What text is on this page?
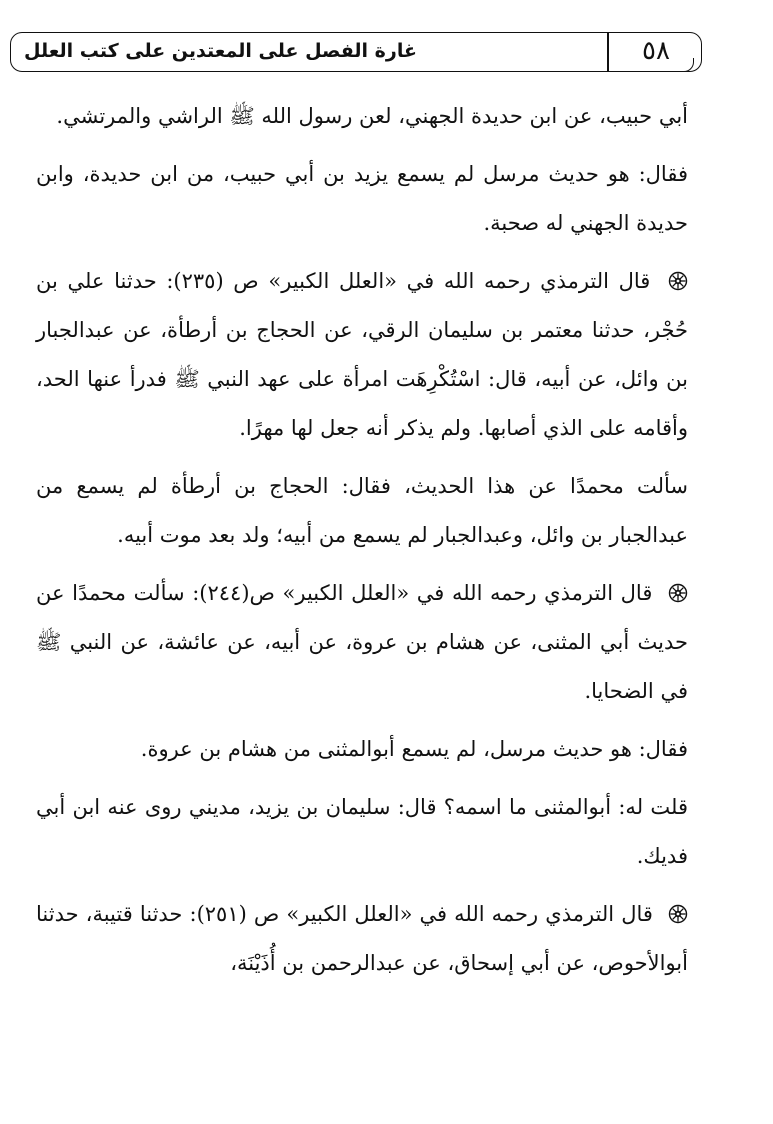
غارة الفصل على المعتدين على كتب العلل	٥٨

أبي حبيب، عن ابن حديدة الجهني، لعن رسول الله ﷺ الراشي والمرتشي.

فقال: هو حديث مرسل لم يسمع يزيد بن أبي حبيب، من ابن حديدة، وابن حديدة الجهني له صحبة.

قال الترمذي رحمه الله في «العلل الكبير» ص (٢٣٥): حدثنا علي بن حُجْر، حدثنا معتمر بن سليمان الرقي، عن الحجاج بن أرطأة، عن عبدالجبار بن وائل، عن أبيه، قال: اسْتُكْرِهَت امرأة على عهد النبي ﷺ فدرأ عنها الحد، وأقامه على الذي أصابها. ولم يذكر أنه جعل لها مهرًا.

سألت محمدًا عن هذا الحديث، فقال: الحجاج بن أرطأة لم يسمع من عبدالجبار بن وائل، وعبدالجبار لم يسمع من أبيه؛ ولد بعد موت أبيه.

قال الترمذي رحمه الله في «العلل الكبير» ص(٢٤٤): سألت محمدًا عن حديث أبي المثنى، عن هشام بن عروة، عن أبيه، عن عائشة، عن النبي ﷺ في الضحايا.

فقال: هو حديث مرسل، لم يسمع أبوالمثنى من هشام بن عروة.

قلت له: أبوالمثنى ما اسمه؟ قال: سليمان بن يزيد، مديني روى عنه ابن أبي فديك.

قال الترمذي رحمه الله في «العلل الكبير» ص (٢٥١): حدثنا قتيبة، حدثنا أبوالأحوص، عن أبي إسحاق، عن عبدالرحمن بن أُذَيْنَة،
